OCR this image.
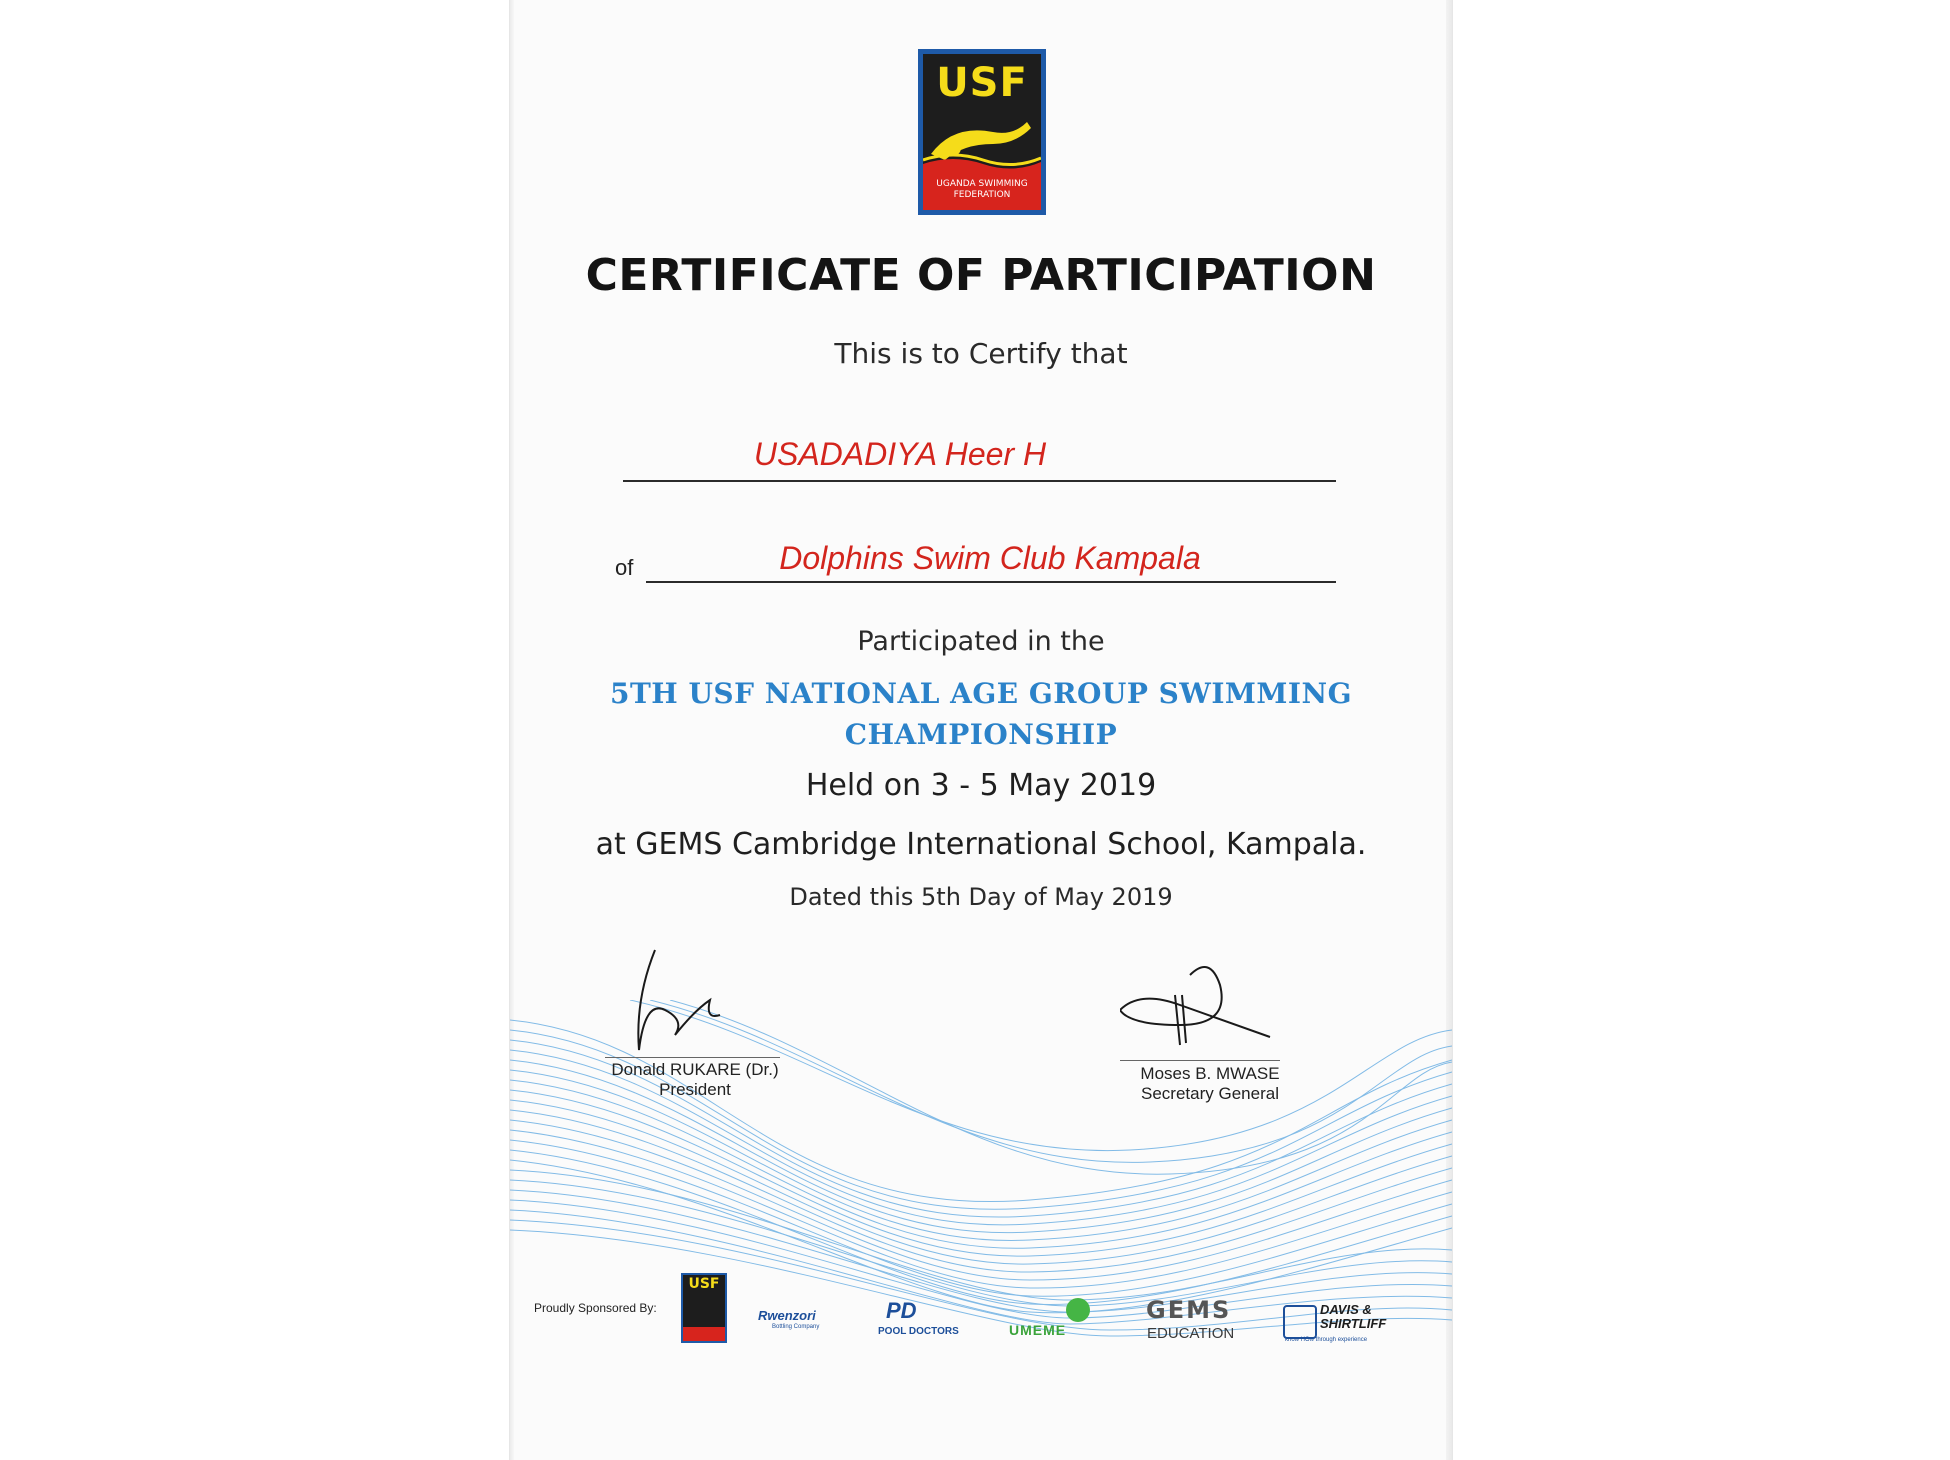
USF
UGANDA SWIMMING FEDERATION
CERTIFICATE OF PARTICIPATION
This is to Certify that
USADADIYA Heer H
of	Dolphins Swim Club Kampala
Participated in the
5TH USF NATIONAL AGE GROUP SWIMMING
CHAMPIONSHIP
Held on 3 - 5 May 2019
at GEMS Cambridge International School, Kampala.
Dated this 5th Day of May 2019
Donald RUKARE (Dr.)
President
Moses B. MWASE
Secretary General
Proudly Sponsored By:
USF
Rwenzori
Bottling Company
PD
POOL DOCTORS	UMEME
GEMS
EDUCATION
DAVIS &
SHIRTLIFF
know HOw through experience
